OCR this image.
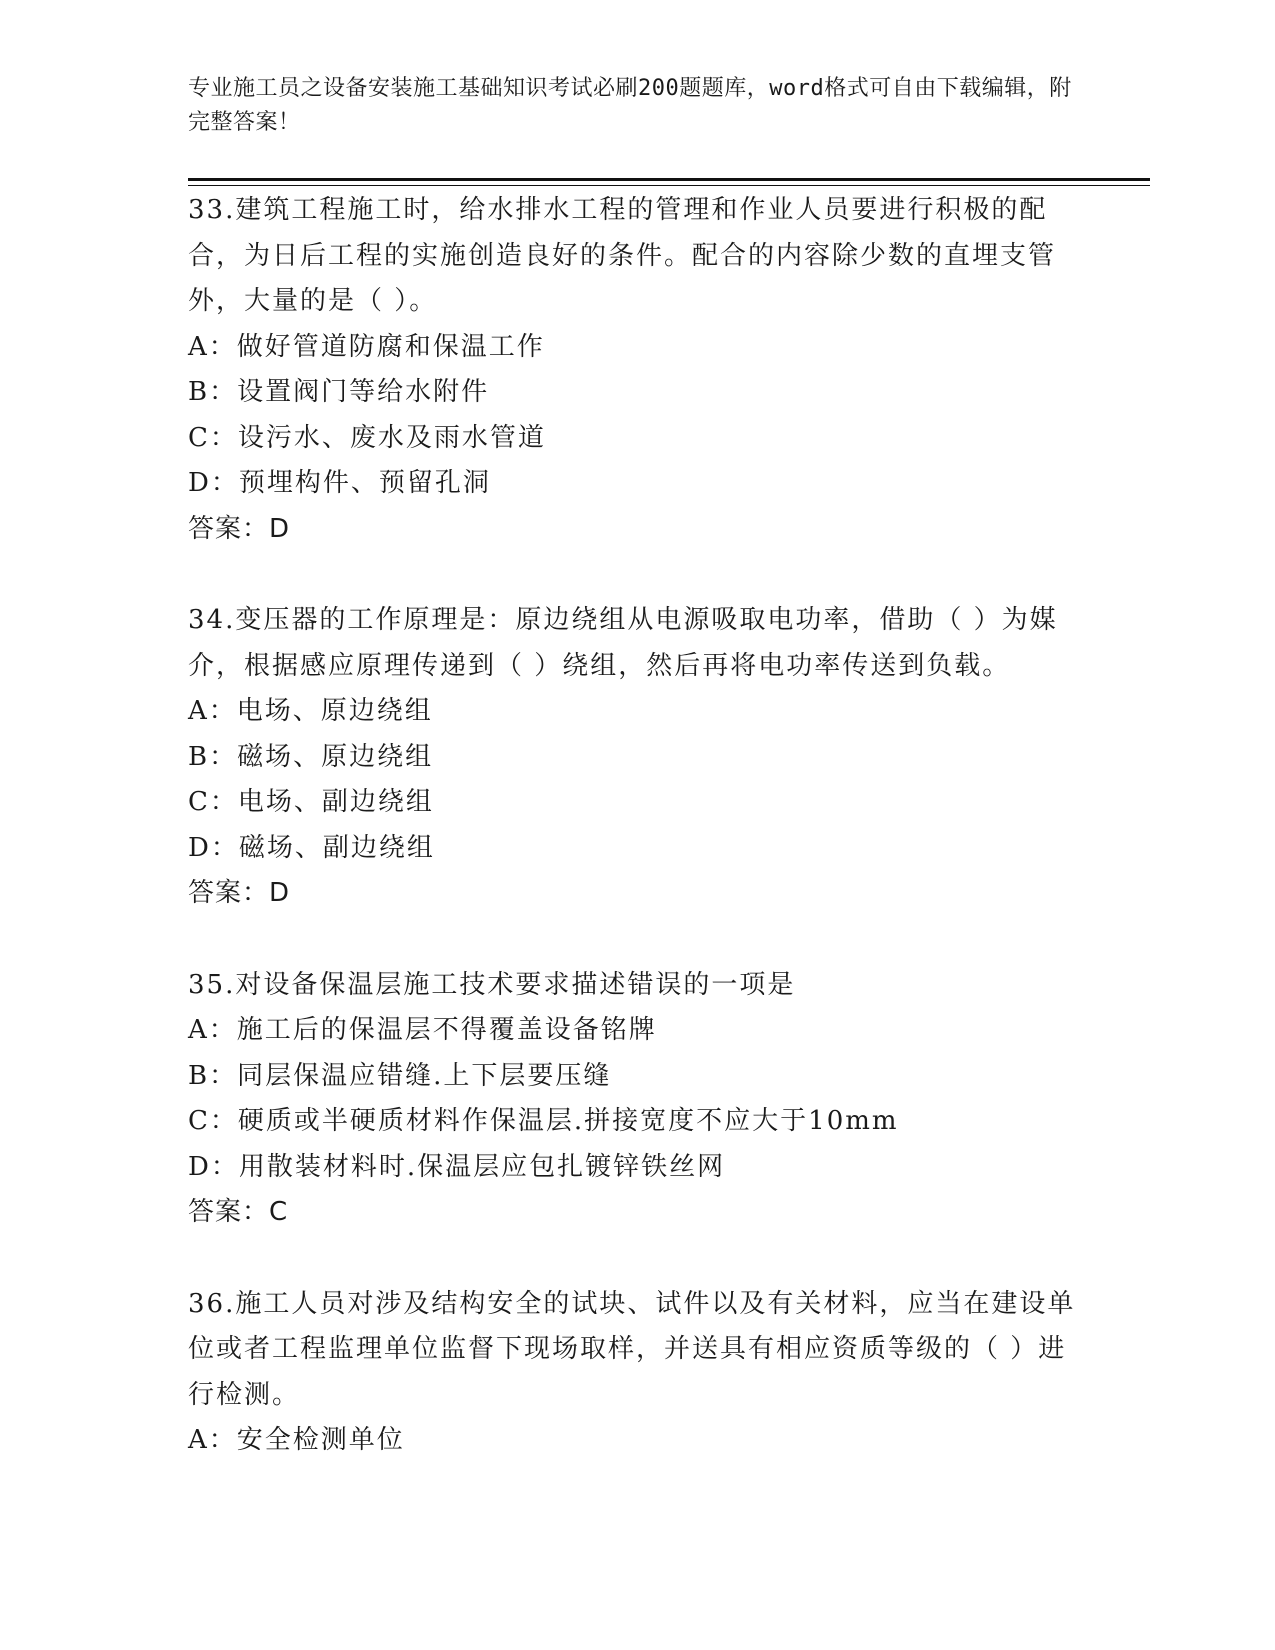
专业施工员之设备安装施工基础知识考试必刷200题题库，word格式可自由下载编辑，附完整答案！
33.建筑工程施工时，给水排水工程的管理和作业人员要进行积极的配合，为日后工程的实施创造良好的条件。配合的内容除少数的直埋支管外，大量的是（ ）。
A：做好管道防腐和保温工作
B：设置阀门等给水附件
C：设污水、废水及雨水管道
D：预埋构件、预留孔洞
答案：D
34.变压器的工作原理是：原边绕组从电源吸取电功率，借助（ ）为媒介，根据感应原理传递到（ ）绕组，然后再将电功率传送到负载。
A：电场、原边绕组
B：磁场、原边绕组
C：电场、副边绕组
D：磁场、副边绕组
答案：D
35.对设备保温层施工技术要求描述错误的一项是
A：施工后的保温层不得覆盖设备铭牌
B：同层保温应错缝.上下层要压缝
C：硬质或半硬质材料作保温层.拼接宽度不应大于10mm
D：用散装材料时.保温层应包扎镀锌铁丝网
答案：C
36.施工人员对涉及结构安全的试块、试件以及有关材料，应当在建设单位或者工程监理单位监督下现场取样，并送具有相应资质等级的（ ）进行检测。
A：安全检测单位
